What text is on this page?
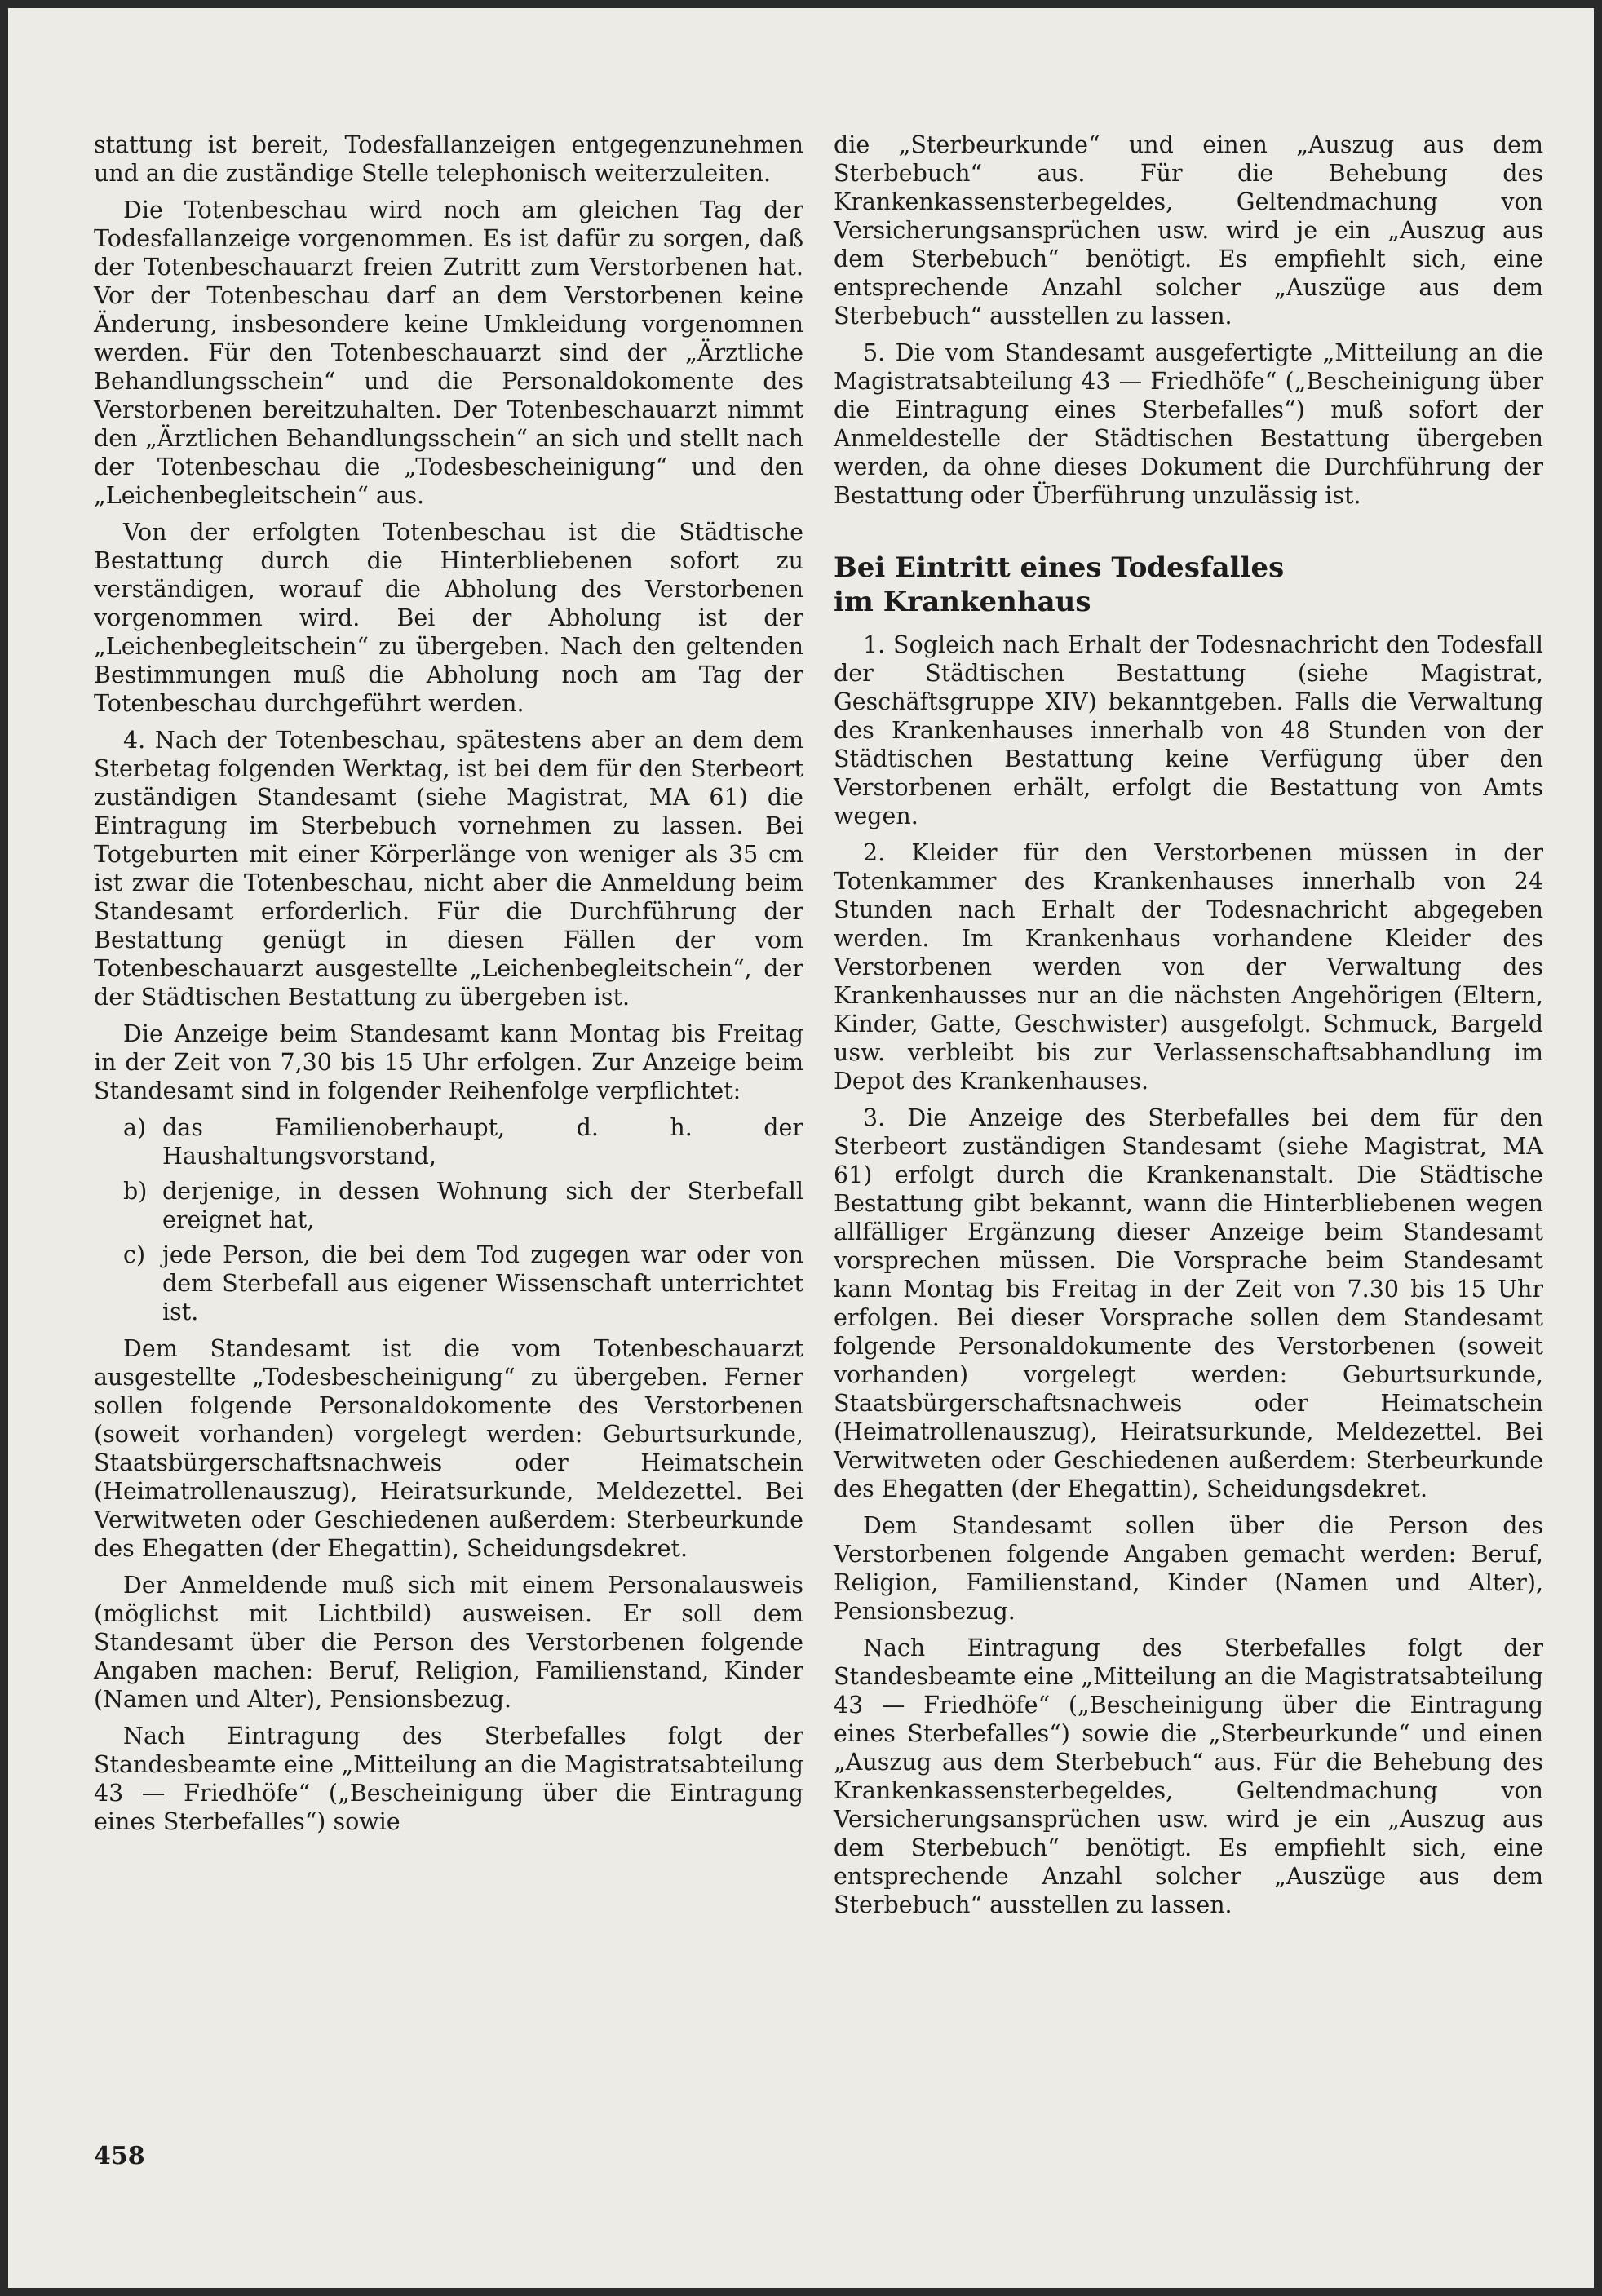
stattung ist bereit, Todesfallanzeigen entgegenzunehmen und an die zuständige Stelle telephonisch weiterzuleiten.

Die Totenbeschau wird noch am gleichen Tag der Todesfallanzeige vorgenommen. Es ist dafür zu sorgen, daß der Totenbeschauarzt freien Zutritt zum Verstorbenen hat. Vor der Totenbeschau darf an dem Verstorbenen keine Änderung, insbesondere keine Umkleidung vorgenomnen werden. Für den Totenbeschauarzt sind der „Ärztliche Behandlungsschein“ und die Personaldokomente des Verstorbenen bereitzuhalten. Der Totenbeschauarzt nimmt den „Ärztlichen Behandlungsschein“ an sich und stellt nach der Totenbeschau die „Todesbescheinigung“ und den „Leichenbegleitschein“ aus.

Von der erfolgten Totenbeschau ist die Städtische Bestattung durch die Hinterbliebenen sofort zu verständigen, worauf die Abholung des Verstorbenen vorgenommen wird. Bei der Abholung ist der „Leichenbegleitschein“ zu übergeben. Nach den geltenden Bestimmungen muß die Abholung noch am Tag der Totenbeschau durchgeführt werden.

4. Nach der Totenbeschau, spätestens aber an dem dem Sterbetag folgenden Werktag, ist bei dem für den Sterbeort zuständigen Standesamt (siehe Magistrat, MA 61) die Eintragung im Sterbebuch vornehmen zu lassen. Bei Totgeburten mit einer Körperlänge von weniger als 35 cm ist zwar die Totenbeschau, nicht aber die Anmeldung beim Standesamt erforderlich. Für die Durchführung der Bestattung genügt in diesen Fällen der vom Totenbeschauarzt ausgestellte „Leichenbegleitschein“, der der Städtischen Bestattung zu übergeben ist.

Die Anzeige beim Standesamt kann Montag bis Freitag in der Zeit von 7,30 bis 15 Uhr erfolgen. Zur Anzeige beim Standesamt sind in folgender Reihenfolge verpflichtet:

a) das Familienoberhaupt, d. h. der Haushaltungsvorstand,
b) derjenige, in dessen Wohnung sich der Sterbefall ereignet hat,
c) jede Person, die bei dem Tod zugegen war oder von dem Sterbefall aus eigener Wissenschaft unterrichtet ist.

Dem Standesamt ist die vom Totenbeschauarzt ausgestellte „Todesbescheinigung“ zu übergeben. Ferner sollen folgende Personaldokomente des Verstorbenen (soweit vorhanden) vorgelegt werden: Geburtsurkunde, Staatsbürgerschaftsnachweis oder Heimatschein (Heimatrollenauszug), Heiratsurkunde, Meldezettel. Bei Verwitweten oder Geschiedenen außerdem: Sterbeurkunde des Ehegatten (der Ehegattin), Scheidungsdekret.

Der Anmeldende muß sich mit einem Personalausweis (möglichst mit Lichtbild) ausweisen. Er soll dem Standesamt über die Person des Verstorbenen folgende Angaben machen: Beruf, Religion, Familienstand, Kinder (Namen und Alter), Pensionsbezug.

Nach Eintragung des Sterbefalles folgt der Standesbeamte eine „Mitteilung an die Magistratsabteilung 43 — Friedhöfe“ („Bescheinigung über die Eintragung eines Sterbefalles“) sowie

die „Sterbeurkunde“ und einen „Auszug aus dem Sterbebuch“ aus. Für die Behebung des Krankenkassensterbegeldes, Geltendmachung von Versicherungsansprüchen usw. wird je ein „Auszug aus dem Sterbebuch“ benötigt. Es empfiehlt sich, eine entsprechende Anzahl solcher „Auszüge aus dem Sterbebuch“ ausstellen zu lassen.

5. Die vom Standesamt ausgefertigte „Mitteilung an die Magistratsabteilung 43 — Friedhöfe“ („Bescheinigung über die Eintragung eines Sterbefalles“) muß sofort der Anmeldestelle der Städtischen Bestattung übergeben werden, da ohne dieses Dokument die Durchführung der Bestattung oder Überführung unzulässig ist.

Bei Eintritt eines Todesfalles
im Krankenhaus

1. Sogleich nach Erhalt der Todesnachricht den Todesfall der Städtischen Bestattung (siehe Magistrat, Geschäftsgruppe XIV) bekanntgeben. Falls die Verwaltung des Krankenhauses innerhalb von 48 Stunden von der Städtischen Bestattung keine Verfügung über den Verstorbenen erhält, erfolgt die Bestattung von Amts wegen.

2. Kleider für den Verstorbenen müssen in der Totenkammer des Krankenhauses innerhalb von 24 Stunden nach Erhalt der Todesnachricht abgegeben werden. Im Krankenhaus vorhandene Kleider des Verstorbenen werden von der Verwaltung des Krankenhausses nur an die nächsten Angehörigen (Eltern, Kinder, Gatte, Geschwister) ausgefolgt. Schmuck, Bargeld usw. verbleibt bis zur Verlassenschaftsabhandlung im Depot des Krankenhauses.

3. Die Anzeige des Sterbefalles bei dem für den Sterbeort zuständigen Standesamt (siehe Magistrat, MA 61) erfolgt durch die Krankenanstalt. Die Städtische Bestattung gibt bekannt, wann die Hinterbliebenen wegen allfälliger Ergänzung dieser Anzeige beim Standesamt vorsprechen müssen. Die Vorsprache beim Standesamt kann Montag bis Freitag in der Zeit von 7.30 bis 15 Uhr erfolgen. Bei dieser Vorsprache sollen dem Standesamt folgende Personaldokumente des Verstorbenen (soweit vorhanden) vorgelegt werden: Geburtsurkunde, Staatsbürgerschaftsnachweis oder Heimatschein (Heimatrollenauszug), Heiratsurkunde, Meldezettel. Bei Verwitweten oder Geschiedenen außerdem: Sterbeurkunde des Ehegatten (der Ehegattin), Scheidungsdekret.

Dem Standesamt sollen über die Person des Verstorbenen folgende Angaben gemacht werden: Beruf, Religion, Familienstand, Kinder (Namen und Alter), Pensionsbezug.

Nach Eintragung des Sterbefalles folgt der Standesbeamte eine „Mitteilung an die Magistratsabteilung 43 — Friedhöfe“ („Bescheinigung über die Eintragung eines Sterbefalles“) sowie die „Sterbeurkunde“ und einen „Auszug aus dem Sterbebuch“ aus. Für die Behebung des Krankenkassensterbegeldes, Geltendmachung von Versicherungsansprüchen usw. wird je ein „Auszug aus dem Sterbebuch“ benötigt. Es empfiehlt sich, eine entsprechende Anzahl solcher „Auszüge aus dem Sterbebuch“ ausstellen zu lassen.

458
